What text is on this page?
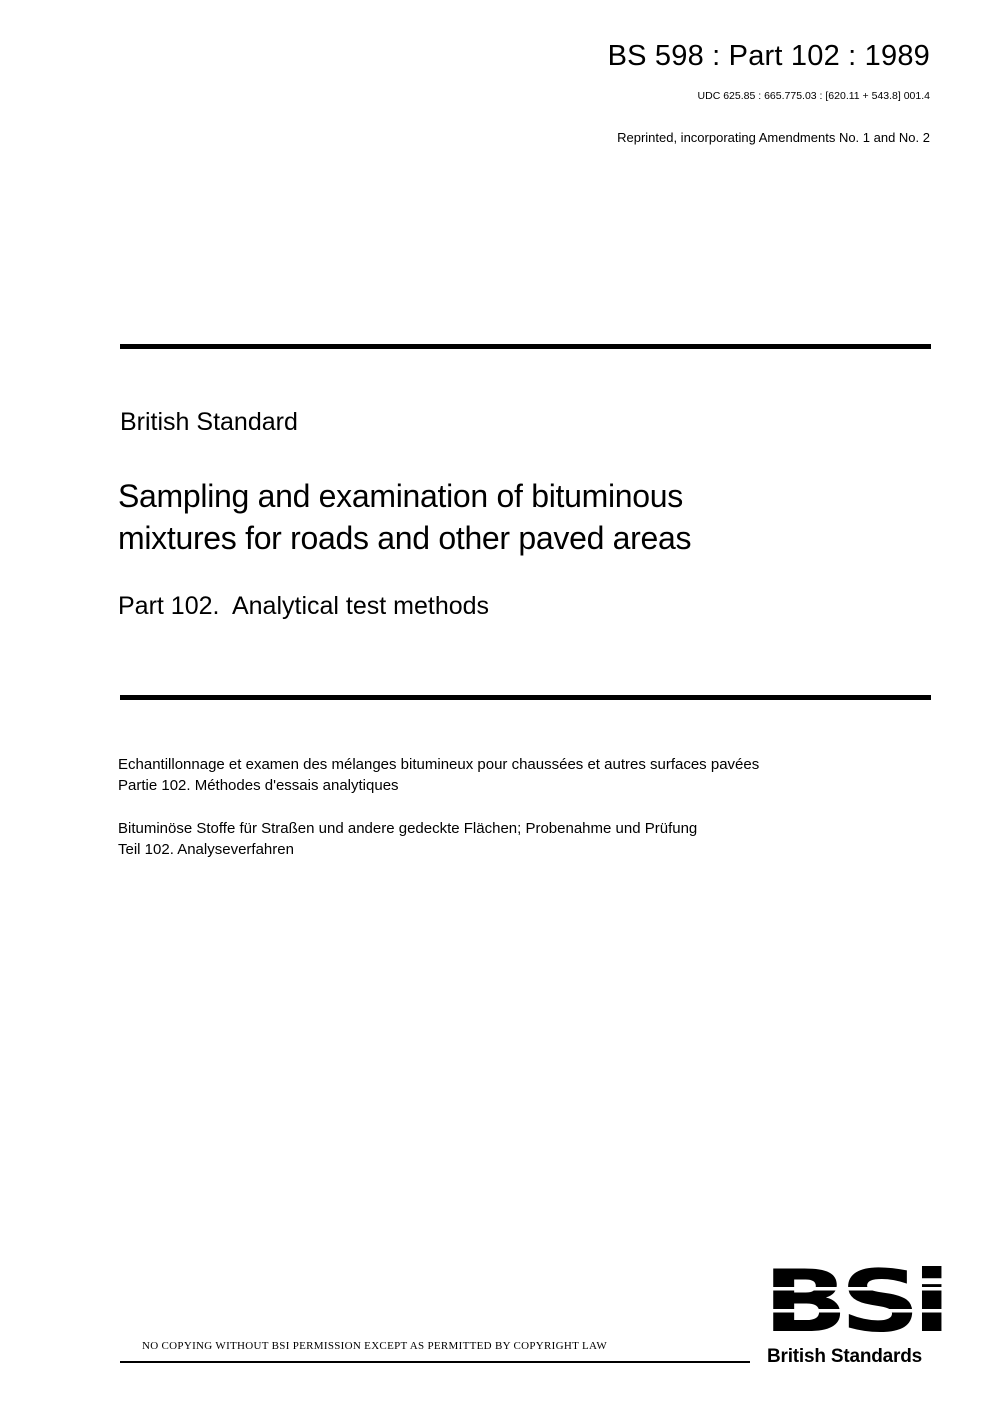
BS 598 : Part 102 : 1989
UDC 625.85 : 665.775.03 : [620.11 + 543.8] 001.4
Reprinted, incorporating Amendments No. 1 and No. 2
British Standard
Sampling and examination of bituminous
mixtures for roads and other paved areas
Part 102.  Analytical test methods
Echantillonnage et examen des mélanges bitumineux pour chaussées et autres surfaces pavées
Partie 102. Méthodes d'essais analytiques
Bituminöse Stoffe für Straßen und andere gedeckte Flächen; Probenahme und Prüfung
Teil 102. Analyseverfahren
NO COPYING WITHOUT BSI PERMISSION EXCEPT AS PERMITTED BY COPYRIGHT LAW	British Standards
